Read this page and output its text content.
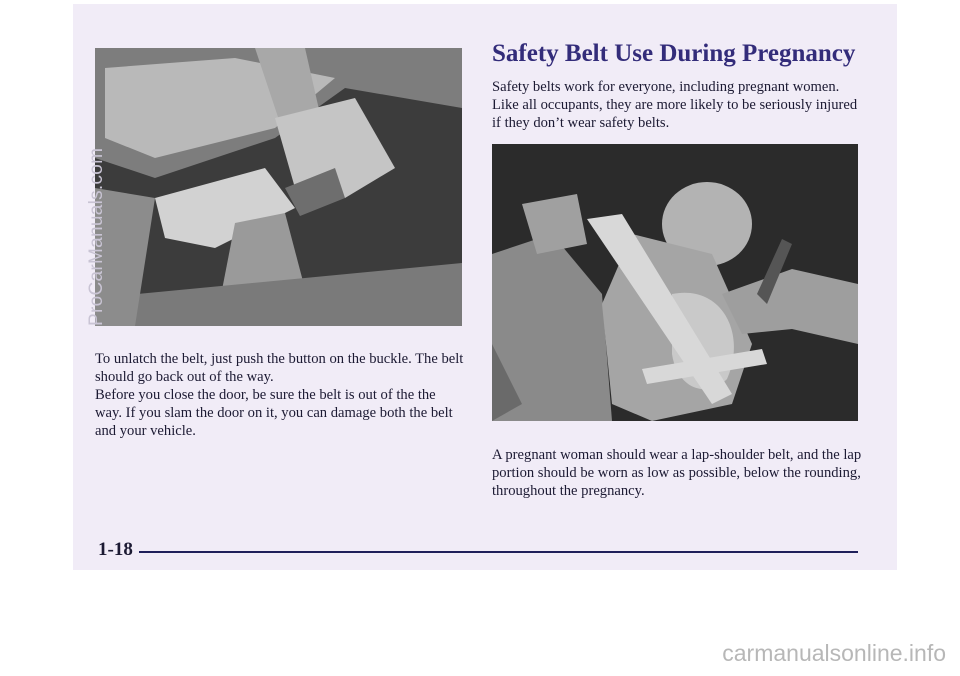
ProCarManuals.com
Safety Belt Use During Pregnancy

Safety belts work for everyone, including pregnant women. Like all occupants, they are more likely to be seriously injured if they don’t wear safety belts.

To unlatch the belt, just push the button on the buckle. The belt should go back out of the way.

Before you close the door, be sure the belt is out of the the way. If you slam the door on it, you can damage both the belt and your vehicle.

A pregnant woman should wear a lap-shoulder belt, and the lap portion should be worn as low as possible, below the rounding, throughout the pregnancy.

1-18
carmanualsonline.info
